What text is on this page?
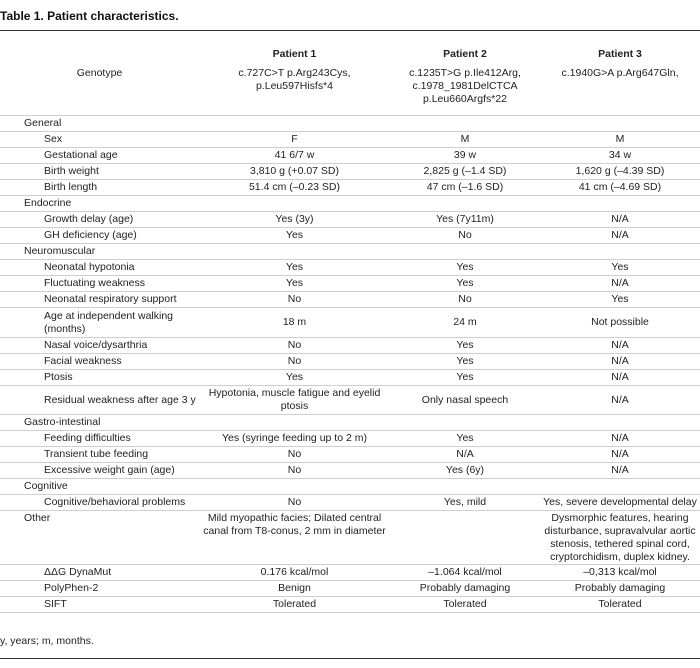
Table 1. Patient characteristics.
	Patient 1	Patient 2	Patient 3
Genotype	c.727C>T p.Arg243Cys, p.Leu597Hisfs*4	c.1235T>G p.Ile412Arg, c.1978_1981DelCTCA p.Leu660Argfs*22	c.1940G>A p.Arg647Gln,
General			
Sex	F	M	M
Gestational age	41 6/7 w	39 w	34 w
Birth weight	3,810 g (+0.07 SD)	2,825 g (–1.4 SD)	1,620 g (–4.39 SD)
Birth length	51.4 cm (–0.23 SD)	47 cm (–1.6 SD)	41 cm (–4.69 SD)
Endocrine			
Growth delay (age)	Yes (3y)	Yes (7y11m)	N/A
GH deficiency (age)	Yes	No	N/A
Neuromuscular			
Neonatal hypotonia	Yes	Yes	Yes
Fluctuating weakness	Yes	Yes	N/A
Neonatal respiratory support	No	No	Yes
Age at independent walking (months)	18 m	24 m	Not possible
Nasal voice/dysarthria	No	Yes	N/A
Facial weakness	No	Yes	N/A
Ptosis	Yes	Yes	N/A
Residual weakness after age 3 y	Hypotonia, muscle fatigue and eyelid ptosis	Only nasal speech	N/A
Gastro-intestinal			
Feeding difficulties	Yes (syringe feeding up to 2 m)	Yes	N/A
Transient tube feeding	No	N/A	N/A
Excessive weight gain (age)	No	Yes (6y)	N/A
Cognitive			
Cognitive/behavioral problems	No	Yes, mild	Yes, severe developmental delay
Other	Mild myopathic facies; Dilated central canal from T8-conus, 2 mm in diameter		Dysmorphic features, hearing disturbance, supravalvular aortic stenosis, tethered spinal cord, cryptorchidism, duplex kidney.
ΔΔG DynaMut	0.176 kcal/mol	–1.064 kcal/mol	–0,313 kcal/mol
PolyPhen-2	Benign	Probably damaging	Probably damaging
SIFT	Tolerated	Tolerated	Tolerated
y, years; m, months.
